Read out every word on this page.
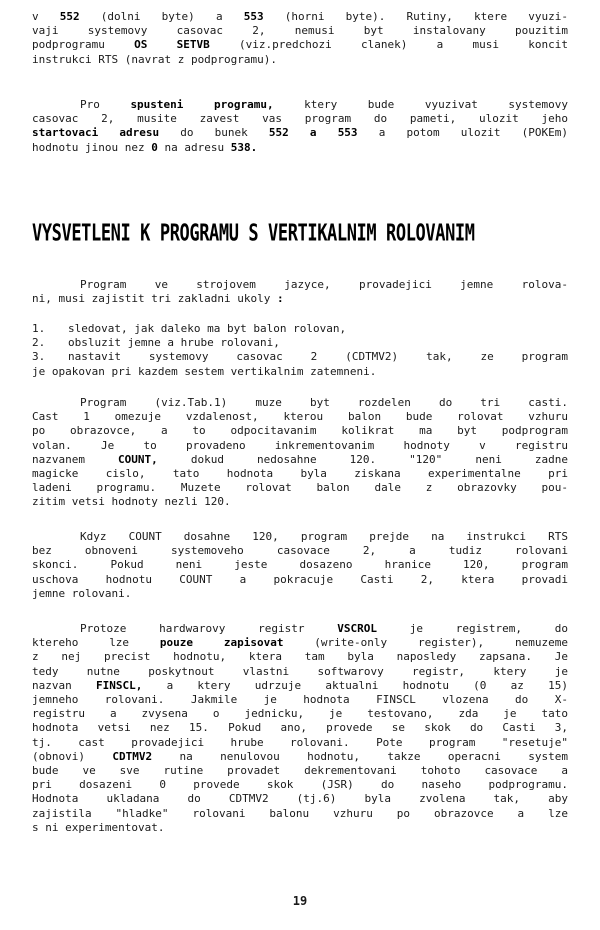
v 552 (dolni byte) a 553 (horni byte). Rutiny, ktere vyuzi-

vaji systemovy casovac 2, nemusi byt instalovany pouzitim

podprogramu OS SETVB (viz.predchozi clanek) a musi koncit

instrukci RTS (navrat z podprogramu).

Pro spusteni programu, ktery bude vyuzivat systemovy

casovac 2, musite zavest vas program do pameti, ulozit jeho

startovaci adresu do bunek 552 a 553 a potom ulozit (POKEm)

hodnotu jinou nez 0 na adresu 538.

VYSVETLENI K PROGRAMU S VERTIKALNIM ROLOVANIM

Program ve strojovem jazyce, provadejici jemne rolova-

ni, musi zajistit tri zakladni ukoly :

1. sledovat, jak daleko ma byt balon rolovan,
2. obsluzit jemne a hrube rolovani,
3. nastavit systemovy casovac 2 (CDTMV2) tak, ze program
je opakovan pri kazdem sestem vertikalnim zatemneni.

Program (viz.Tab.1) muze byt rozdelen do tri casti.

Cast 1 omezuje vzdalenost, kterou balon bude rolovat vzhuru

po obrazovce, a to odpocitavanim kolikrat ma byt podprogram

volan. Je to provadeno inkrementovanim hodnoty v registru

nazvanem COUNT, dokud nedosahne 120. "120" neni zadne

magicke cislo, tato hodnota byla ziskana experimentalne pri

ladeni programu. Muzete rolovat balon dale z obrazovky pou-

zitim vetsi hodnoty nezli 120.

Kdyz COUNT dosahne 120, program prejde na instrukci RTS

bez obnoveni systemoveho casovace 2, a tudiz rolovani

skonci. Pokud neni jeste dosazeno hranice 120, program

uschova hodnotu COUNT a pokracuje Casti 2, ktera provadi

jemne rolovani.

Protoze hardwarovy registr VSCROL je registrem, do

ktereho lze pouze zapisovat (write-only register), nemuzeme

z nej precist hodnotu, ktera tam byla naposledy zapsana. Je

tedy nutne poskytnout vlastni softwarovy registr, ktery je

nazvan FINSCL, a ktery udrzuje aktualni hodnotu (0 az 15)

jemneho rolovani. Jakmile je hodnota FINSCL vlozena do X-

registru a zvysena o jednicku, je testovano, zda je tato

hodnota vetsi nez 15. Pokud ano, provede se skok do Casti 3,

tj. cast provadejici hrube rolovani. Pote program "resetuje"

(obnovi) CDTMV2 na nenulovou hodnotu, takze operacni system

bude ve sve rutine provadet dekrementovani tohoto casovace a

pri dosazeni 0 provede skok (JSR) do naseho podprogramu.

Hodnota ukladana do CDTMV2 (tj.6) byla zvolena tak, aby

zajistila "hladke" rolovani balonu vzhuru po obrazovce a lze

s ni experimentovat.

19
